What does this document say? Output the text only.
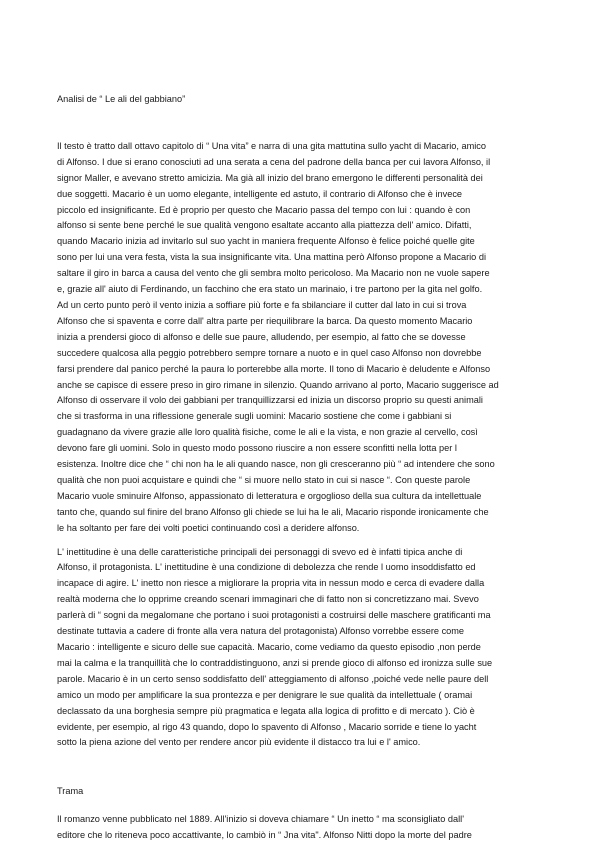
Analisi de “ Le ali del gabbiano”
Il testo è tratto dall ottavo capitolo di “ Una vita” e narra di una gita mattutina sullo yacht di Macario, amico
di Alfonso. I due si erano conosciuti ad una serata a cena del padrone della banca per cui lavora Alfonso, il
signor Maller, e avevano stretto amicizia. Ma già all inizio del brano emergono le differenti personalità dei
due soggetti. Macario è un uomo elegante, intelligente ed astuto, il contrario di Alfonso che è invece
piccolo ed insignificante. Ed è proprio per questo che Macario passa del tempo con lui : quando è con
alfonso si sente bene perché le sue qualità vengono esaltate accanto alla piattezza dell' amico. Difatti,
quando Macario inizia ad invitarlo sul suo yacht in maniera frequente Alfonso è felice poiché quelle gite
sono per lui una vera festa, vista la sua insignificante vita. Una mattina però Alfonso propone a Macario di
saltare il giro in barca a causa del vento che gli sembra molto pericoloso. Ma Macario non ne vuole sapere
e, grazie all' aiuto di Ferdinando, un facchino che era stato un marinaio, i tre partono per la gita nel golfo.
Ad un certo punto però il vento inizia a soffiare più forte e fa sbilanciare il cutter dal lato in cui si trova
Alfonso che si spaventa e corre dall' altra parte per riequilibrare la barca. Da questo momento Macario
inizia a prendersi gioco di alfonso e delle sue paure, alludendo, per esempio, al fatto che se dovesse
succedere qualcosa alla peggio potrebbero sempre tornare a nuoto e in quel caso Alfonso non dovrebbe
farsi prendere dal panico perché la paura lo porterebbe alla morte. Il tono di Macario è deludente e Alfonso
anche se capisce di essere preso in giro rimane in silenzio. Quando arrivano al porto, Macario suggerisce ad
Alfonso di osservare il volo dei gabbiani per tranquillizzarsi ed inizia un discorso proprio su questi animali
che si trasforma in una riflessione generale sugli uomini: Macario sostiene che come i gabbiani si
guadagnano da vivere grazie alle loro qualità fisiche, come le ali e la vista, e non grazie al cervello, così
devono fare gli uomini. Solo in questo modo possono riuscire a non essere sconfitti nella lotta per l
esistenza. Inoltre dice che “ chi non ha le ali quando nasce, non gli cresceranno più “ ad intendere che sono
qualità che non puoi acquistare e quindi che “ si muore nello stato in cui si nasce “. Con queste parole
Macario vuole sminuire Alfonso, appassionato di letteratura e orgoglioso della sua cultura da intellettuale
tanto che, quando sul finire del brano Alfonso gli chiede se lui ha le ali, Macario risponde ironicamente che
le ha soltanto per fare dei volti poetici continuando così a deridere alfonso.
L' inettitudine è una delle caratteristiche principali dei personaggi di svevo ed è infatti tipica anche di
Alfonso, il protagonista. L' inettitudine è una condizione di debolezza che rende l uomo insoddisfatto ed
incapace di agire. L' inetto non riesce a migliorare la propria vita in nessun modo e cerca di evadere dalla
realtà moderna che lo opprime creando scenari immaginari che di fatto non si concretizzano mai. Svevo
parlerà di “ sogni da megalomane che portano i suoi protagonisti a costruirsi delle maschere gratificanti ma
destinate tuttavia a cadere di fronte alla vera natura del protagonista) Alfonso vorrebbe essere come
Macario : intelligente e sicuro delle sue capacità. Macario, come vediamo da questo episodio ,non perde
mai la calma e la tranquillità che lo contraddistinguono, anzi si prende gioco di alfonso ed ironizza sulle sue
parole. Macario è in un certo senso soddisfatto dell' atteggiamento di alfonso ,poiché vede nelle paure dell
amico un modo per amplificare la sua prontezza e per denigrare le sue qualità da intellettuale ( oramai
declassato da una borghesia sempre più pragmatica e legata alla logica di profitto e di mercato ). Ciò è
evidente, per esempio, al rigo 43 quando, dopo lo spavento di Alfonso , Macario sorride e tiene lo yacht
sotto la piena azione del vento per rendere ancor più evidente il distacco tra lui e l' amico.
Trama
Il romanzo venne pubblicato nel 1889. All'inizio si doveva chiamare “ Un inetto “ ma sconsigliato dall'
editore che lo riteneva poco accattivante, lo cambiò in “ Jna vita". Alfonso Nitti dopo la morte del padre
